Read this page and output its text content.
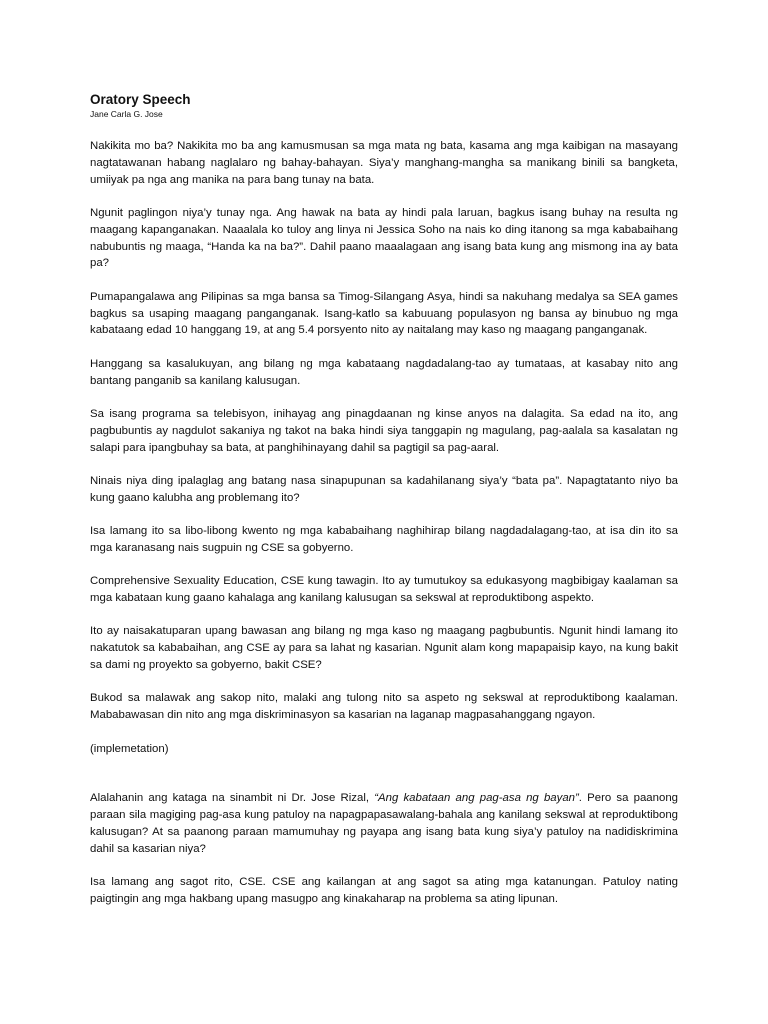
Oratory Speech
Jane Carla G. Jose

Nakikita mo ba? Nakikita mo ba ang kamusmusan sa mga mata ng bata, kasama ang mga kaibigan na masayang nagtatawanan habang naglalaro ng bahay-bahayan. Siya’y manghang-mangha sa manikang binili sa bangketa, umiiyak pa nga ang manika na para bang tunay na bata.

Ngunit paglingon niya’y tunay nga. Ang hawak na bata ay hindi pala laruan, bagkus isang buhay na resulta ng maagang kapanganakan. Naaalala ko tuloy ang linya ni Jessica Soho na nais ko ding itanong sa mga kababaihang nabubuntis ng maaga, “Handa ka na ba?”. Dahil paano maaalagaan ang isang bata kung ang mismong ina ay bata pa?

Pumapangalawa ang Pilipinas sa mga bansa sa Timog-Silangang Asya, hindi sa nakuhang medalya sa SEA games bagkus sa usaping maagang panganganak. Isang-katlo sa kabuuang populasyon ng bansa ay binubuo ng mga kabataang edad 10 hanggang 19, at ang 5.4 porsyento nito ay naitalang may kaso ng maagang panganganak.

Hanggang sa kasalukuyan, ang bilang ng mga kabataang nagdadalang-tao ay tumataas, at kasabay nito ang bantang panganib sa kanilang kalusugan.

Sa isang programa sa telebisyon, inihayag ang pinagdaanan ng kinse anyos na dalagita. Sa edad na ito, ang pagbubuntis ay nagdulot sakaniya ng takot na baka hindi siya tanggapin ng magulang, pag-aalala sa kasalatan ng salapi para ipangbuhay sa bata, at panghihinayang dahil sa pagtigil sa pag-aaral.

Ninais niya ding ipalaglag ang batang nasa sinapupunan sa kadahilanang siya’y “bata pa”. Napagtatanto niyo ba kung gaano kalubha ang problemang ito?

Isa lamang ito sa libo-libong kwento ng mga kababaihang naghihirap bilang nagdadalagang-tao, at isa din ito sa mga karanasang nais sugpuin ng CSE sa gobyerno.

Comprehensive Sexuality Education, CSE kung tawagin. Ito ay tumutukoy sa edukasyong magbibigay kaalaman sa mga kabataan kung gaano kahalaga ang kanilang kalusugan sa sekswal at reproduktibong aspekto.

Ito ay naisakatuparan upang bawasan ang bilang ng mga kaso ng maagang pagbubuntis. Ngunit hindi lamang ito nakatutok sa kababaihan, ang CSE ay para sa lahat ng kasarian. Ngunit alam kong mapapaisip kayo, na kung bakit sa dami ng proyekto sa gobyerno, bakit CSE?

Bukod sa malawak ang sakop nito, malaki ang tulong nito sa aspeto ng sekswal at reproduktibong kaalaman. Mababawasan din nito ang mga diskriminasyon sa kasarian na laganap magpasahanggang ngayon.

(implemetation)

Alalahanin ang kataga na sinambit ni Dr. Jose Rizal, “Ang kabataan ang pag-asa ng bayan”. Pero sa paanong paraan sila magiging pag-asa kung patuloy na napagpapasawalang-bahala ang kanilang sekswal at reproduktibong kalusugan? At sa paanong paraan mamumuhay ng payapa ang isang bata kung siya’y patuloy na nadidiskrimina dahil sa kasarian niya?

Isa lamang ang sagot rito, CSE. CSE ang kailangan at ang sagot sa ating mga katanungan. Patuloy nating paigtingin ang mga hakbang upang masugpo ang kinakaharap na problema sa ating lipunan.
